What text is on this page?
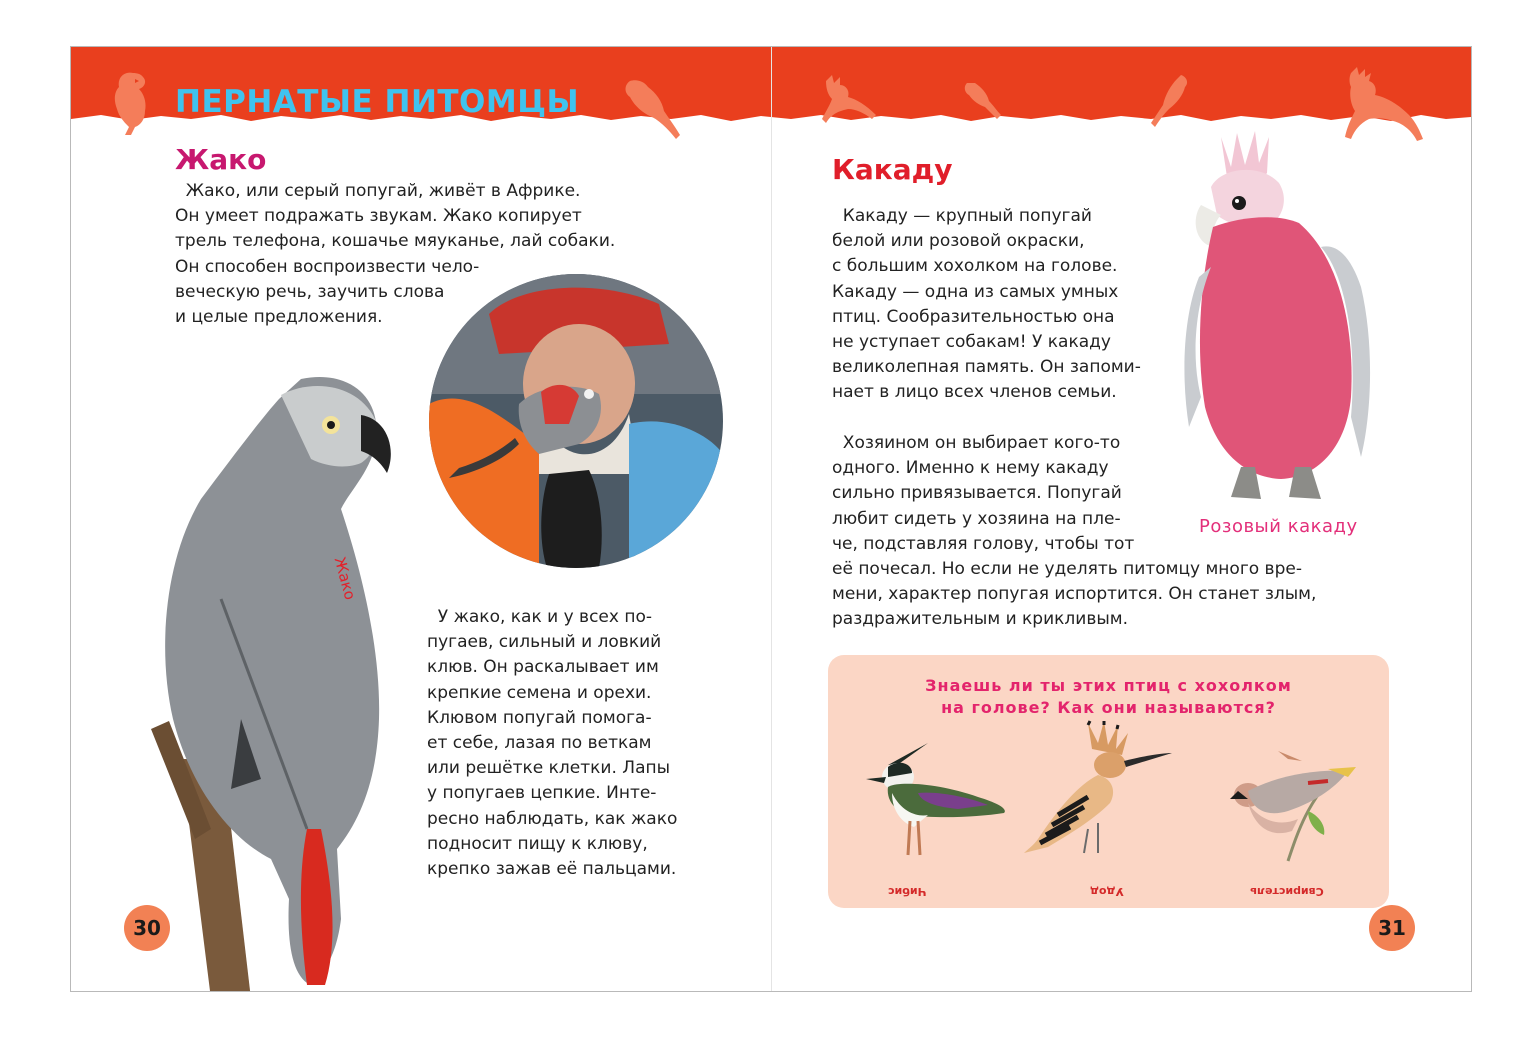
ПЕРНАТЫЕ ПИТОМЦЫ
Жако

Жако, или серый попугай, живёт в Африке.
Он умеет подражать звукам. Жако копирует
трель телефона, кошачье мяуканье, лай собаки.
Он способен воспроизвести чело-
веческую речь, заучить слова
и целые предложения.

Жако

У жако, как и у всех по-
пугаев, сильный и ловкий
клюв. Он раскалывает им
крепкие семена и орехи.
Клювом попугай помога-
ет себе, лазая по веткам
или решётке клетки. Лапы
у попугаев цепкие. Инте-
ресно наблюдать, как жако
подносит пищу к клюву,
крепко зажав её пальцами.

30

Какаду

Какаду — крупный попугай
белой или розовой окраски,
с большим хохолком на голове.
Какаду — одна из самых умных
птиц. Сообразительностью она
не уступает собакам! У какаду
великолепная память. Он запоми-
нает в лицо всех членов семьи.

Хозяином он выбирает кого-то
одного. Именно к нему какаду
сильно привязывается. Попугай
любит сидеть у хозяина на пле-
че, подставляя голову, чтобы тот
её почесал. Но если не уделять питомцу много вре-
мени, характер попугая испортится. Он станет злым,
раздражительным и крикливым.

Розовый какаду

Знаешь ли ты этих птиц с хохолком
на голове? Как они называются?

Чибис	Удод	Свиристель

31
